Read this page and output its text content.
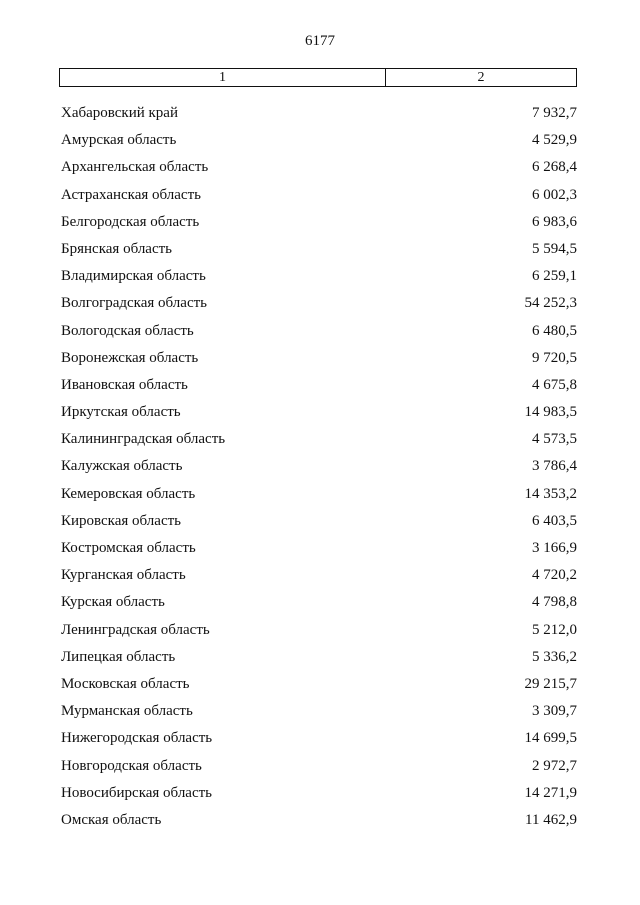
6177
1	2
Хабаровский край	7 932,7
Амурская область	4 529,9
Архангельская область	6 268,4
Астраханская область	6 002,3
Белгородская область	6 983,6
Брянская область	5 594,5
Владимирская область	6 259,1
Волгоградская область	54 252,3
Вологодская область	6 480,5
Воронежская область	9 720,5
Ивановская область	4 675,8
Иркутская область	14 983,5
Калининградская область	4 573,5
Калужская область	3 786,4
Кемеровская область	14 353,2
Кировская область	6 403,5
Костромская область	3 166,9
Курганская область	4 720,2
Курская область	4 798,8
Ленинградская область	5 212,0
Липецкая область	5 336,2
Московская область	29 215,7
Мурманская область	3 309,7
Нижегородская область	14 699,5
Новгородская область	2 972,7
Новосибирская область	14 271,9
Омская область	11 462,9
